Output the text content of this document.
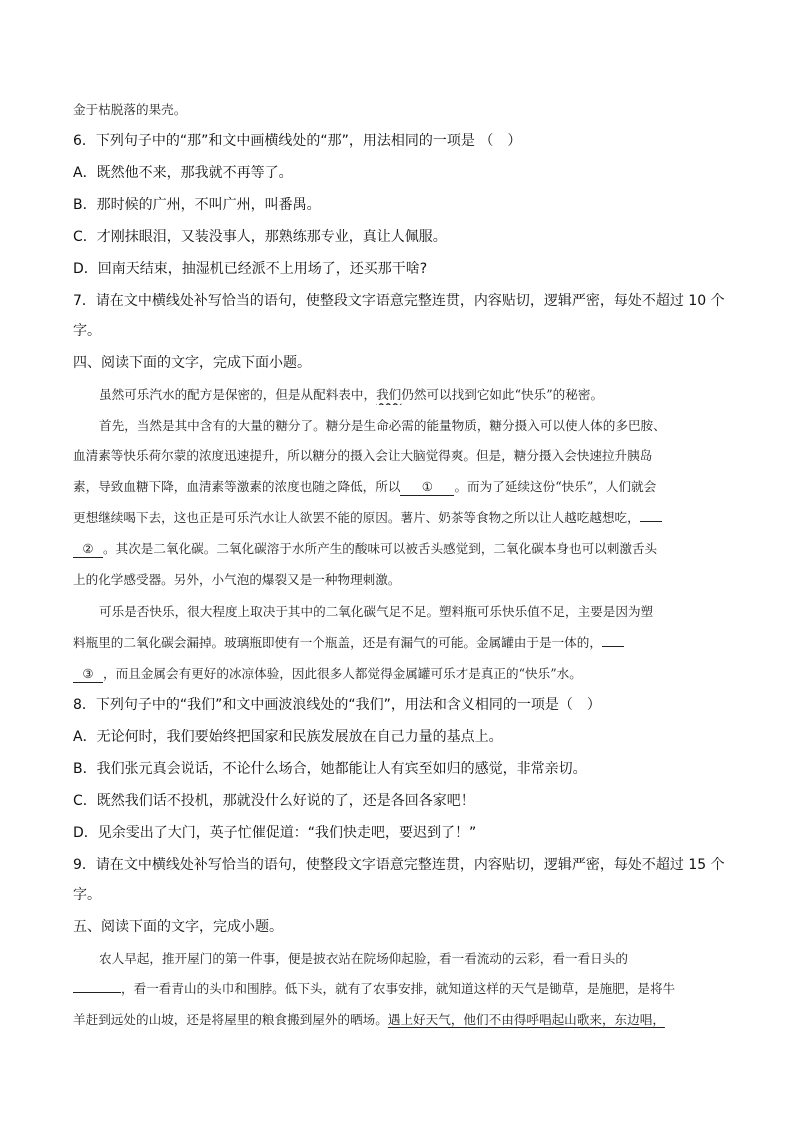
金于枯脱落的果壳。
6．下列句子中的“那”和文中画横线处的“那”，用法相同的一项是 （　）
A．既然他不来，那我就不再等了。
B．那时候的广州，不叫广州，叫番禺。
C．才刚抹眼泪，又装没事人，那熟练那专业，真让人佩服。
D．回南天结束，抽湿机已经派不上用场了，还买那干啥?
7．请在文中横线处补写恰当的语句，使整段文字语意完整连贯，内容贴切，逻辑严密，每处不超过 10 个
字。
四、阅读下面的文字，完成下面小题。
虽然可乐汽水的配方是保密的，但是从配料表中，我们仍然可以找到它如此“快乐”的秘密。
首先，当然是其中含有的大量的糖分了。糖分是生命必需的能量物质，糖分摄入可以使人体的多巴胺、
血清素等快乐荷尔蒙的浓度迅速提升，所以糖分的摄入会让大脑觉得爽。但是，糖分摄入会快速拉升胰岛
素，导致血糖下降，血清素等激素的浓度也随之降低，所以 ① 。而为了延续这份“快乐”，人们就会
更想继续喝下去，这也正是可乐汽水让人欲罢不能的原因。薯片、奶茶等食物之所以让人越吃越想吃，
② 。其次是二氧化碳。二氧化碳溶于水所产生的酸味可以被舌头感觉到，二氧化碳本身也可以刺激舌头
上的化学感受器。另外，小气泡的爆裂又是一种物理刺激。
可乐是否快乐，很大程度上取决于其中的二氧化碳气足不足。塑料瓶可乐快乐值不足，主要是因为塑
料瓶里的二氧化碳会漏掉。玻璃瓶即使有一个瓶盖，还是有漏气的可能。金属罐由于是一体的，
③ ，而且金属会有更好的冰凉体验，因此很多人都觉得金属罐可乐才是真正的“快乐”水。
8．下列句子中的“我们”和文中画波浪线处的“我们”，用法和含义相同的一项是（　）
A．无论何时，我们要始终把国家和民族发展放在自己力量的基点上。
B．我们张元真会说话，不论什么场合，她都能让人有宾至如归的感觉，非常亲切。
C．既然我们话不投机，那就没什么好说的了，还是各回各家吧！
D．见余雯出了大门，英子忙催促道：“我们快走吧，要迟到了！”
9．请在文中横线处补写恰当的语句，使整段文字语意完整连贯，内容贴切，逻辑严密，每处不超过 15 个
字。
五、阅读下面的文字，完成小题。
农人早起，推开屋门的第一件事，便是披衣站在院场仰起脸，看一看流动的云彩，看一看日头的
，看一看青山的头巾和围脖。低下头，就有了农事安排，就知道这样的天气是锄草，是施肥，是将牛
羊赶到远处的山坡，还是将屋里的粮食搬到屋外的晒场。遇上好天气，他们不由得呼唱起山歌来，东边唱，
